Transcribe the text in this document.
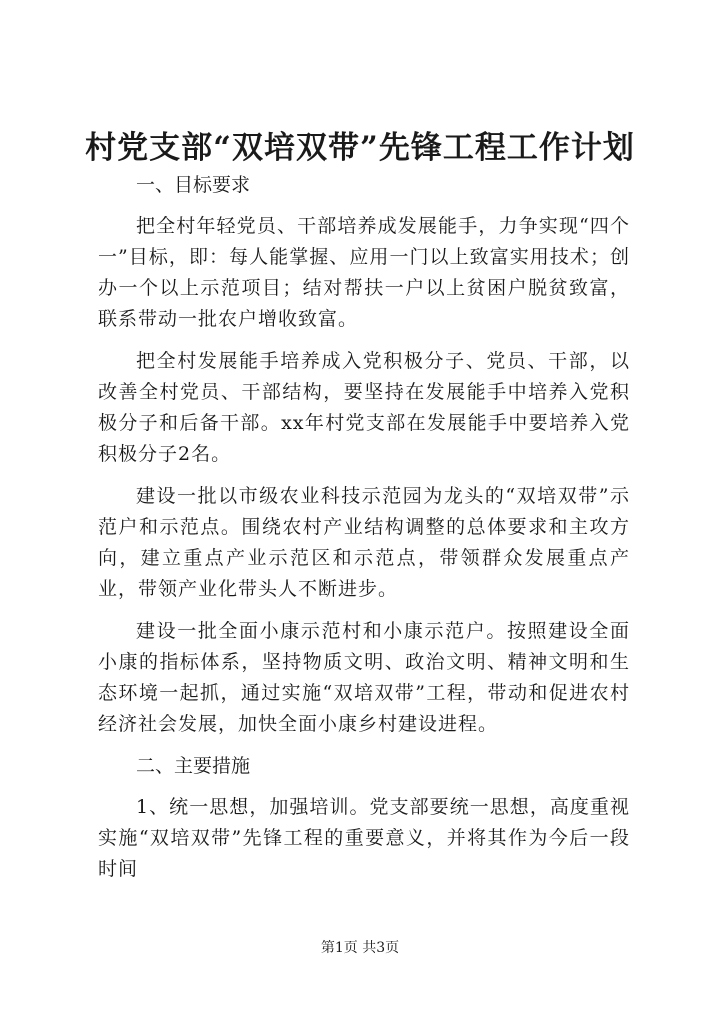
村党支部“双培双带”先锋工程工作计划
一、目标要求

把全村年轻党员、干部培养成发展能手，力争实现“四个一”目标，即：每人能掌握、应用一门以上致富实用技术；创办一个以上示范项目；结对帮扶一户以上贫困户脱贫致富，联系带动一批农户增收致富。

把全村发展能手培养成入党积极分子、党员、干部，以改善全村党员、干部结构，要坚持在发展能手中培养入党积极分子和后备干部。xx年村党支部在发展能手中要培养入党积极分子2名。

建设一批以市级农业科技示范园为龙头的“双培双带”示范户和示范点。围绕农村产业结构调整的总体要求和主攻方向，建立重点产业示范区和示范点，带领群众发展重点产业，带领产业化带头人不断进步。

建设一批全面小康示范村和小康示范户。按照建设全面小康的指标体系，坚持物质文明、政治文明、精神文明和生态环境一起抓，通过实施“双培双带”工程，带动和促进农村经济社会发展，加快全面小康乡村建设进程。

二、主要措施

1、统一思想，加强培训。党支部要统一思想，高度重视实施“双培双带”先锋工程的重要意义，并将其作为今后一段时间

第1页 共3页
